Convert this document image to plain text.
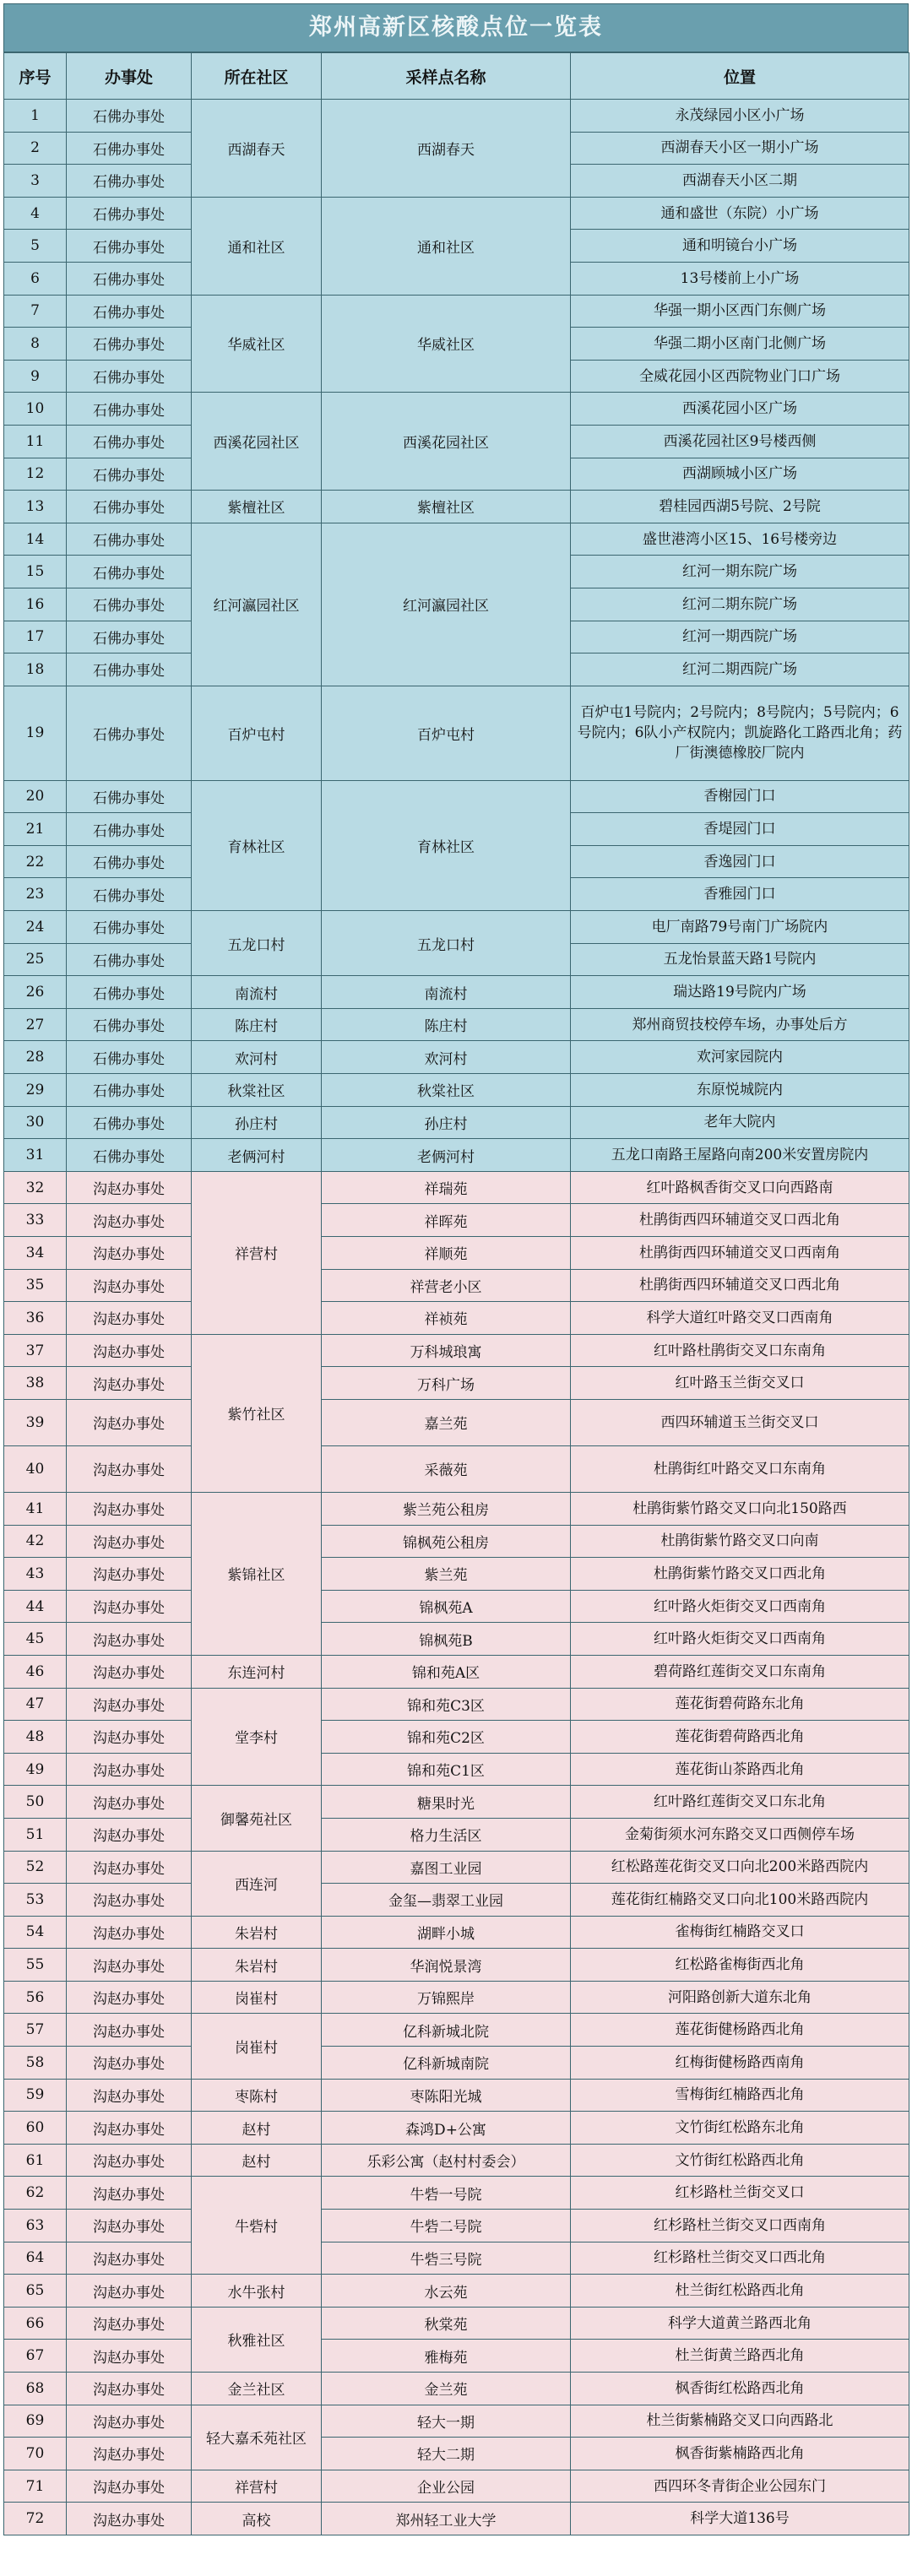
郑州高新区核酸点位一览表
序号	办事处	所在社区	采样点名称	位置
1	石佛办事处	西湖春天	西湖春天	永茂绿园小区小广场
2	石佛办事处			西湖春天小区一期小广场
3	石佛办事处			西湖春天小区二期
4	石佛办事处	通和社区	通和社区	通和盛世（东院）小广场
5	石佛办事处			通和明镜台小广场
6	石佛办事处			13号楼前上小广场
7	石佛办事处	华威社区	华威社区	华强一期小区西门东侧广场
8	石佛办事处			华强二期小区南门北侧广场
9	石佛办事处			全威花园小区西院物业门口广场
10	石佛办事处	西溪花园社区	西溪花园社区	西溪花园小区广场
11	石佛办事处			西溪花园社区9号楼西侧
12	石佛办事处			西湖顾城小区广场
13	石佛办事处	紫檀社区	紫檀社区	碧桂园西湖5号院、2号院
14	石佛办事处	红河瀛园社区	红河瀛园社区	盛世港湾小区15、16号楼旁边
15	石佛办事处			红河一期东院广场
16	石佛办事处			红河二期东院广场
17	石佛办事处			红河一期西院广场
18	石佛办事处			红河二期西院广场
19	石佛办事处	百炉屯村	百炉屯村	百炉屯1号院内；2号院内；8号院内；5号院内；6号院内；6队小产权院内；凯旋路化工路西北角；药厂街澳德橡胶厂院内
20	石佛办事处	育林社区	育林社区	香榭园门口
21	石佛办事处			香堤园门口
22	石佛办事处			香逸园门口
23	石佛办事处			香雅园门口
24	石佛办事处	五龙口村	五龙口村	电厂南路79号南门广场院内
25	石佛办事处			五龙怡景蓝天路1号院内
26	石佛办事处	南流村	南流村	瑞达路19号院内广场
27	石佛办事处	陈庄村	陈庄村	郑州商贸技校停车场，办事处后方
28	石佛办事处	欢河村	欢河村	欢河家园院内
29	石佛办事处	秋棠社区	秋棠社区	东原悦城院内
30	石佛办事处	孙庄村	孙庄村	老年大院内
31	石佛办事处	老俩河村	老俩河村	五龙口南路王屋路向南200米安置房院内
32	沟赵办事处	祥营村	祥瑞苑	红叶路枫香街交叉口向西路南
33	沟赵办事处		祥晖苑	杜鹃街西四环辅道交叉口西北角
34	沟赵办事处		祥顺苑	杜鹃街西四环辅道交叉口西南角
35	沟赵办事处		祥营老小区	杜鹃街西四环辅道交叉口西北角
36	沟赵办事处		祥祯苑	科学大道红叶路交叉口西南角
37	沟赵办事处	紫竹社区	万科城琅寓	红叶路杜鹃街交叉口东南角
38	沟赵办事处		万科广场	红叶路玉兰街交叉口
39	沟赵办事处		嘉兰苑	西四环辅道玉兰街交叉口
40	沟赵办事处		采薇苑	杜鹃街红叶路交叉口东南角
41	沟赵办事处	紫锦社区	紫兰苑公租房	杜鹃街紫竹路交叉口向北150路西
42	沟赵办事处		锦枫苑公租房	杜鹃街紫竹路交叉口向南
43	沟赵办事处		紫兰苑	杜鹃街紫竹路交叉口西北角
44	沟赵办事处		锦枫苑A	红叶路火炬街交叉口西南角
45	沟赵办事处		锦枫苑B	红叶路火炬街交叉口西南角
46	沟赵办事处	东连河村	锦和苑A区	碧荷路红莲街交叉口东南角
47	沟赵办事处	堂李村	锦和苑C3区	莲花街碧荷路东北角
48	沟赵办事处		锦和苑C2区	莲花街碧荷路西北角
49	沟赵办事处		锦和苑C1区	莲花街山茶路西北角
50	沟赵办事处	御馨苑社区	糖果时光	红叶路红莲街交叉口东北角
51	沟赵办事处		格力生活区	金菊街须水河东路交叉口西侧停车场
52	沟赵办事处	西连河	嘉图工业园	红松路莲花街交叉口向北200米路西院内
53	沟赵办事处		金玺—翡翠工业园	莲花街红楠路交叉口向北100米路西院内
54	沟赵办事处	朱岩村	湖畔小城	雀梅街红楠路交叉口
55	沟赵办事处	朱岩村	华润悦景湾	红松路雀梅街西北角
56	沟赵办事处	岗崔村	万锦熙岸	河阳路创新大道东北角
57	沟赵办事处	岗崔村	亿科新城北院	莲花街健杨路西北角
58	沟赵办事处		亿科新城南院	红梅街健杨路西南角
59	沟赵办事处	枣陈村	枣陈阳光城	雪梅街红楠路西北角
60	沟赵办事处	赵村	森鸿D+公寓	文竹街红松路东北角
61	沟赵办事处	赵村	乐彩公寓（赵村村委会）	文竹街红松路西北角
62	沟赵办事处	牛砦村	牛砦一号院	红杉路杜兰街交叉口
63	沟赵办事处		牛砦二号院	红杉路杜兰街交叉口西南角
64	沟赵办事处		牛砦三号院	红杉路杜兰街交叉口西北角
65	沟赵办事处	水牛张村	水云苑	杜兰街红松路西北角
66	沟赵办事处	秋雅社区	秋棠苑	科学大道黄兰路西北角
67	沟赵办事处		雅梅苑	杜兰街黄兰路西北角
68	沟赵办事处	金兰社区	金兰苑	枫香街红松路西北角
69	沟赵办事处	轻大嘉禾苑社区	轻大一期	杜兰街紫楠路交叉口向西路北
70	沟赵办事处		轻大二期	枫香街紫楠路西北角
71	沟赵办事处	祥营村	企业公园	西四环冬青街企业公园东门
72	沟赵办事处	高校	郑州轻工业大学	科学大道136号
